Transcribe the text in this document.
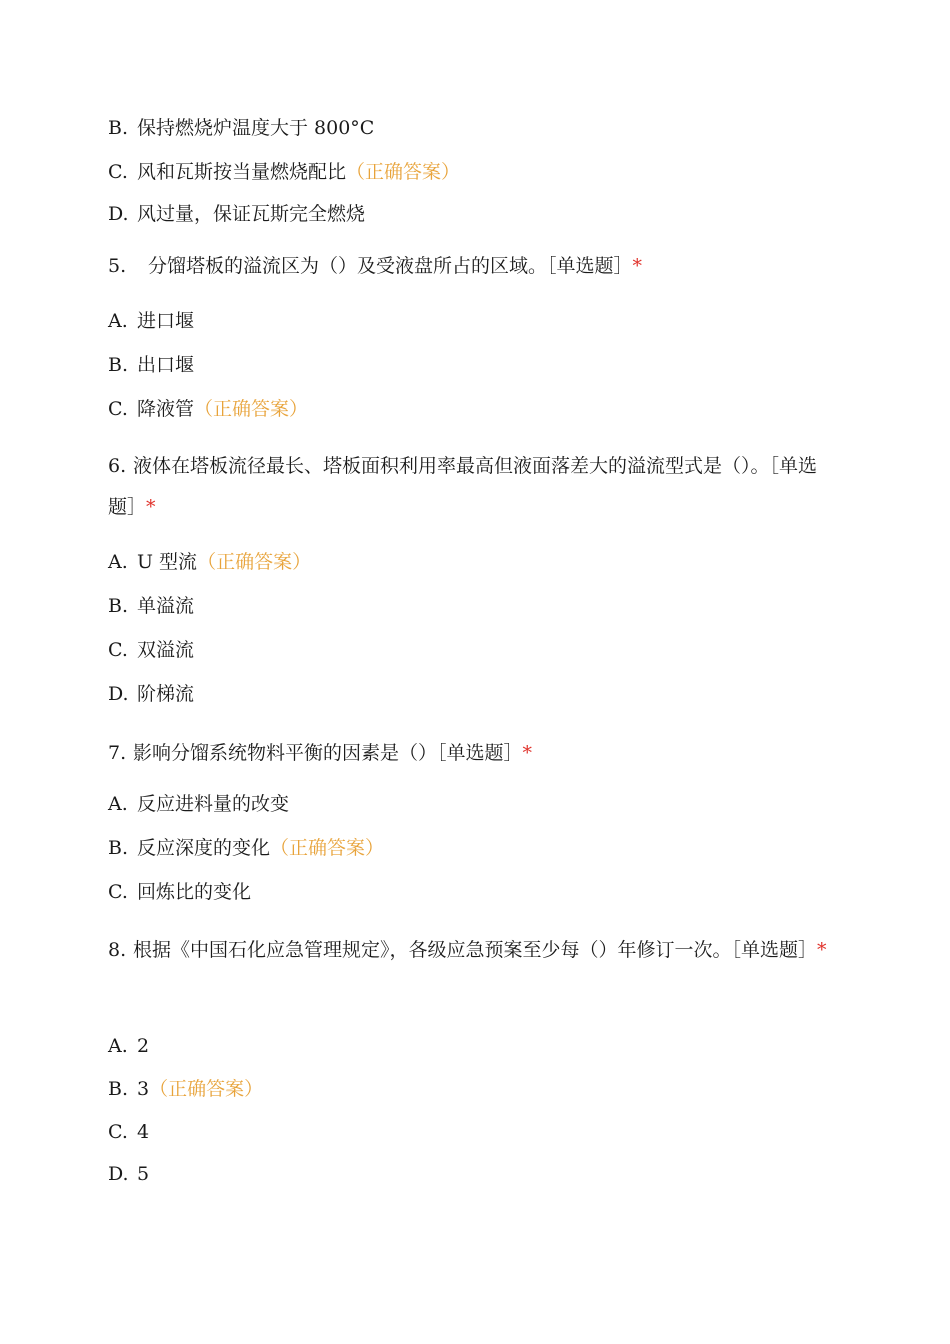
B. 保持燃烧炉温度大于 800°C
C. 风和瓦斯按当量燃烧配比（正确答案）
D. 风过量，保证瓦斯完全燃烧
5. 分馏塔板的溢流区为（）及受液盘所占的区域。［单选题］*
A. 进口堰
B. 出口堰
C. 降液管（正确答案）
6. 液体在塔板流径最长、塔板面积利用率最高但液面落差大的溢流型式是（）。［单选题］*
A. U 型流（正确答案）
B. 单溢流
C. 双溢流
D. 阶梯流
7. 影响分馏系统物料平衡的因素是（）［单选题］*
A. 反应进料量的改变
B. 反应深度的变化（正确答案）
C. 回炼比的变化
8. 根据《中国石化应急管理规定》，各级应急预案至少每（）年修订一次。［单选题］*
A. 2
B. 3（正确答案）
C. 4
D. 5
